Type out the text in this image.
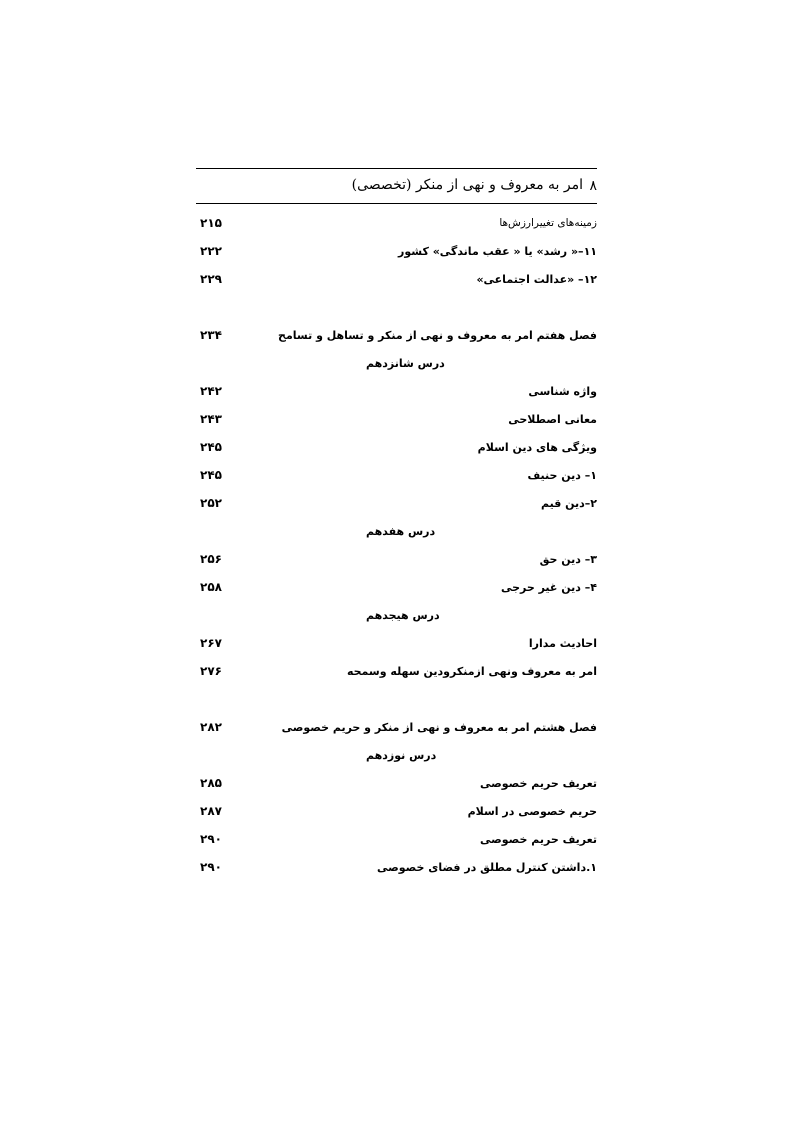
۸
امر به معروف و نهی از منکر (تخصصی)
زمینه‌های تغییرارزش‌ها
۲۱۵
۱۱–« رشد» یا « عقب ماندگی» کشور
۲۲۲
۱۲– «عدالت اجتماعی»
۲۲۹
فصل هفتم امر به معروف و نهی از منکر و تساهل و تسامح
۲۳۴
درس شانزدهم
واژه شناسی
۲۴۲
معانی اصطلاحی
۲۴۳
ویژگی های دین اسلام
۲۴۵
۱– دین حنیف
۲۴۵
۲–دین قیم
۲۵۲
درس هفدهم
۳– دین حق
۲۵۶
۴– دین غیر حرجی
۲۵۸
درس هیجدهم
احادیث مدارا
۲۶۷
امر به معروف ونهی ازمنکرودین سهله وسمحه
۲۷۶
فصل هشتم امر به معروف و نهی از منکر و حریم خصوصی
۲۸۲
درس نوزدهم
تعریف حریم خصوصی
۲۸۵
حریم خصوصی در اسلام
۲۸۷
تعریف حریم خصوصی
۲۹۰
۱.داشتن کنترل مطلق در فضای خصوصی
۲۹۰
